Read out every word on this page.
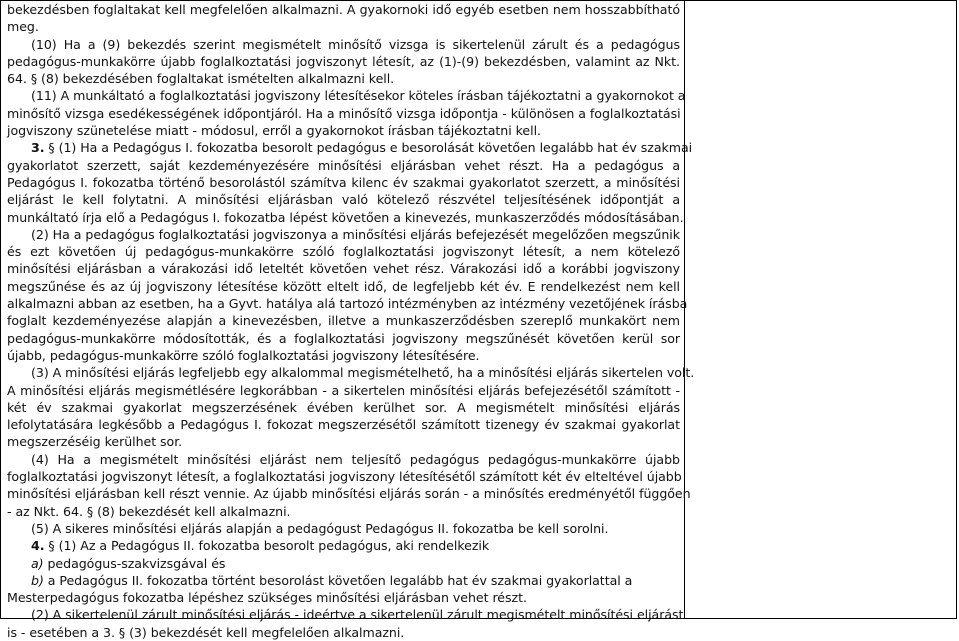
bekezdésben foglaltakat kell megfelelően alkalmazni. A gyakornoki idő egyéb esetben nem hosszabbítható
meg.
(10) Ha a (9) bekezdés szerint megismételt minősítő vizsga is sikertelenül zárult és a pedagógus
pedagógus-munkakörre újabb foglalkoztatási jogviszonyt létesít, az (1)-(9) bekezdésben, valamint az Nkt.
64. § (8) bekezdésében foglaltakat ismételten alkalmazni kell.
(11) A munkáltató a foglalkoztatási jogviszony létesítésekor köteles írásban tájékoztatni a gyakornokot a
minősítő vizsga esedékességének időpontjáról. Ha a minősítő vizsga időpontja - különösen a foglalkoztatási
jogviszony szünetelése miatt - módosul, erről a gyakornokot írásban tájékoztatni kell.
3. § (1) Ha a Pedagógus I. fokozatba besorolt pedagógus e besorolását követően legalább hat év szakmai
gyakorlatot szerzett, saját kezdeményezésére minősítési eljárásban vehet részt. Ha a pedagógus a
Pedagógus I. fokozatba történő besorolástól számítva kilenc év szakmai gyakorlatot szerzett, a minősítési
eljárást le kell folytatni. A minősítési eljárásban való kötelező részvétel teljesítésének időpontját a
munkáltató írja elő a Pedagógus I. fokozatba lépést követően a kinevezés, munkaszerződés módosításában.
(2) Ha a pedagógus foglalkoztatási jogviszonya a minősítési eljárás befejezését megelőzően megszűnik
és ezt követően új pedagógus-munkakörre szóló foglalkoztatási jogviszonyt létesít, a nem kötelező
minősítési eljárásban a várakozási idő leteltét követően vehet rész. Várakozási idő a korábbi jogviszony
megszűnése és az új jogviszony létesítése között eltelt idő, de legfeljebb két év. E rendelkezést nem kell
alkalmazni abban az esetben, ha a Gyvt. hatálya alá tartozó intézményben az intézmény vezetőjének írásba
foglalt kezdeményezése alapján a kinevezésben, illetve a munkaszerződésben szereplő munkakört nem
pedagógus-munkakörre módosították, és a foglalkoztatási jogviszony megszűnését követően kerül sor
újabb, pedagógus-munkakörre szóló foglalkoztatási jogviszony létesítésére.
(3) A minősítési eljárás legfeljebb egy alkalommal megismételhető, ha a minősítési eljárás sikertelen volt.
A minősítési eljárás megismétlésére legkorábban - a sikertelen minősítési eljárás befejezésétől számított -
két év szakmai gyakorlat megszerzésének évében kerülhet sor. A megismételt minősítési eljárás
lefolytatására legkésőbb a Pedagógus I. fokozat megszerzésétől számított tizenegy év szakmai gyakorlat
megszerzéséig kerülhet sor.
(4) Ha a megismételt minősítési eljárást nem teljesítő pedagógus pedagógus-munkakörre újabb
foglalkoztatási jogviszonyt létesít, a foglalkoztatási jogviszony létesítésétől számított két év elteltével újabb
minősítési eljárásban kell részt vennie. Az újabb minősítési eljárás során - a minősítés eredményétől függően
- az Nkt. 64. § (8) bekezdését kell alkalmazni.
(5) A sikeres minősítési eljárás alapján a pedagógust Pedagógus II. fokozatba be kell sorolni.
4. § (1) Az a Pedagógus II. fokozatba besorolt pedagógus, aki rendelkezik
a) pedagógus-szakvizsgával és
b) a Pedagógus II. fokozatba történt besorolást követően legalább hat év szakmai gyakorlattal a
Mesterpedagógus fokozatba lépéshez szükséges minősítési eljárásban vehet részt.
(2) A sikertelenül zárult minősítési eljárás - ideértve a sikertelenül zárult megismételt minősítési eljárást
is - esetében a 3. § (3) bekezdését kell megfelelően alkalmazni.
